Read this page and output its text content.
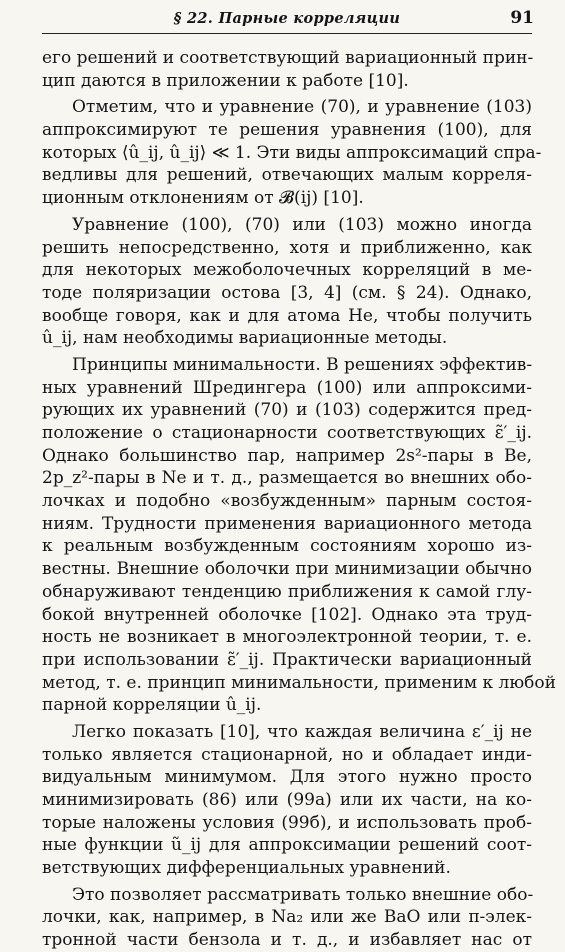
§ 22. Парные корреляции	91
его решений и соответствующий вариационный прин-
цип даются в приложении к работе [10].
Отметим, что и уравнение (70), и уравнение (103)
аппроксимируют те решения уравнения (100), для
которых ⟨û_ij, û_ij⟩ ≪ 1. Эти виды аппроксимаций спра-
ведливы для решений, отвечающих малым корреля-
ционным отклонениям от 𝓑(ij) [10].
Уравнение (100), (70) или (103) можно иногда
решить непосредственно, хотя и приближенно, как
для некоторых межоболочечных корреляций в ме-
тоде поляризации остова [3, 4] (см. § 24). Однако,
вообще говоря, как и для атома He, чтобы получить
û_ij, нам необходимы вариационные методы.
Принципы минимальности. В решениях эффектив-
ных уравнений Шредингера (100) или аппроксими-
рующих их уравнений (70) и (103) содержится пред-
положение о стационарности соответствующих ε̃′_ij.
Однако большинство пар, например 2s²-пары в Be,
2p_z²-пары в Ne и т. д., размещается во внешних обо-
лочках и подобно «возбужденным» парным состоя-
ниям. Трудности применения вариационного метода
к реальным возбужденным состояниям хорошо из-
вестны. Внешние оболочки при минимизации обычно
обнаруживают тенденцию приближения к самой глу-
бокой внутренней оболочке [102]. Однако эта труд-
ность не возникает в многоэлектронной теории, т. е.
при использовании ε̃′_ij. Практически вариационный
метод, т. е. принцип минимальности, применим к любой
парной корреляции û_ij.
Легко показать [10], что каждая величина ε′_ij не
только является стационарной, но и обладает инди-
видуальным минимумом. Для этого нужно просто
минимизировать (86) или (99a) или их части, на ко-
торые наложены условия (99б), и использовать проб-
ные функции ũ_ij для аппроксимации решений соот-
ветствующих дифференциальных уравнений.
Это позволяет рассматривать только внешние обо-
лочки, как, например, в Na₂ или же BaO или π-элек-
тронной части бензола и т. д., и избавляет нас от
